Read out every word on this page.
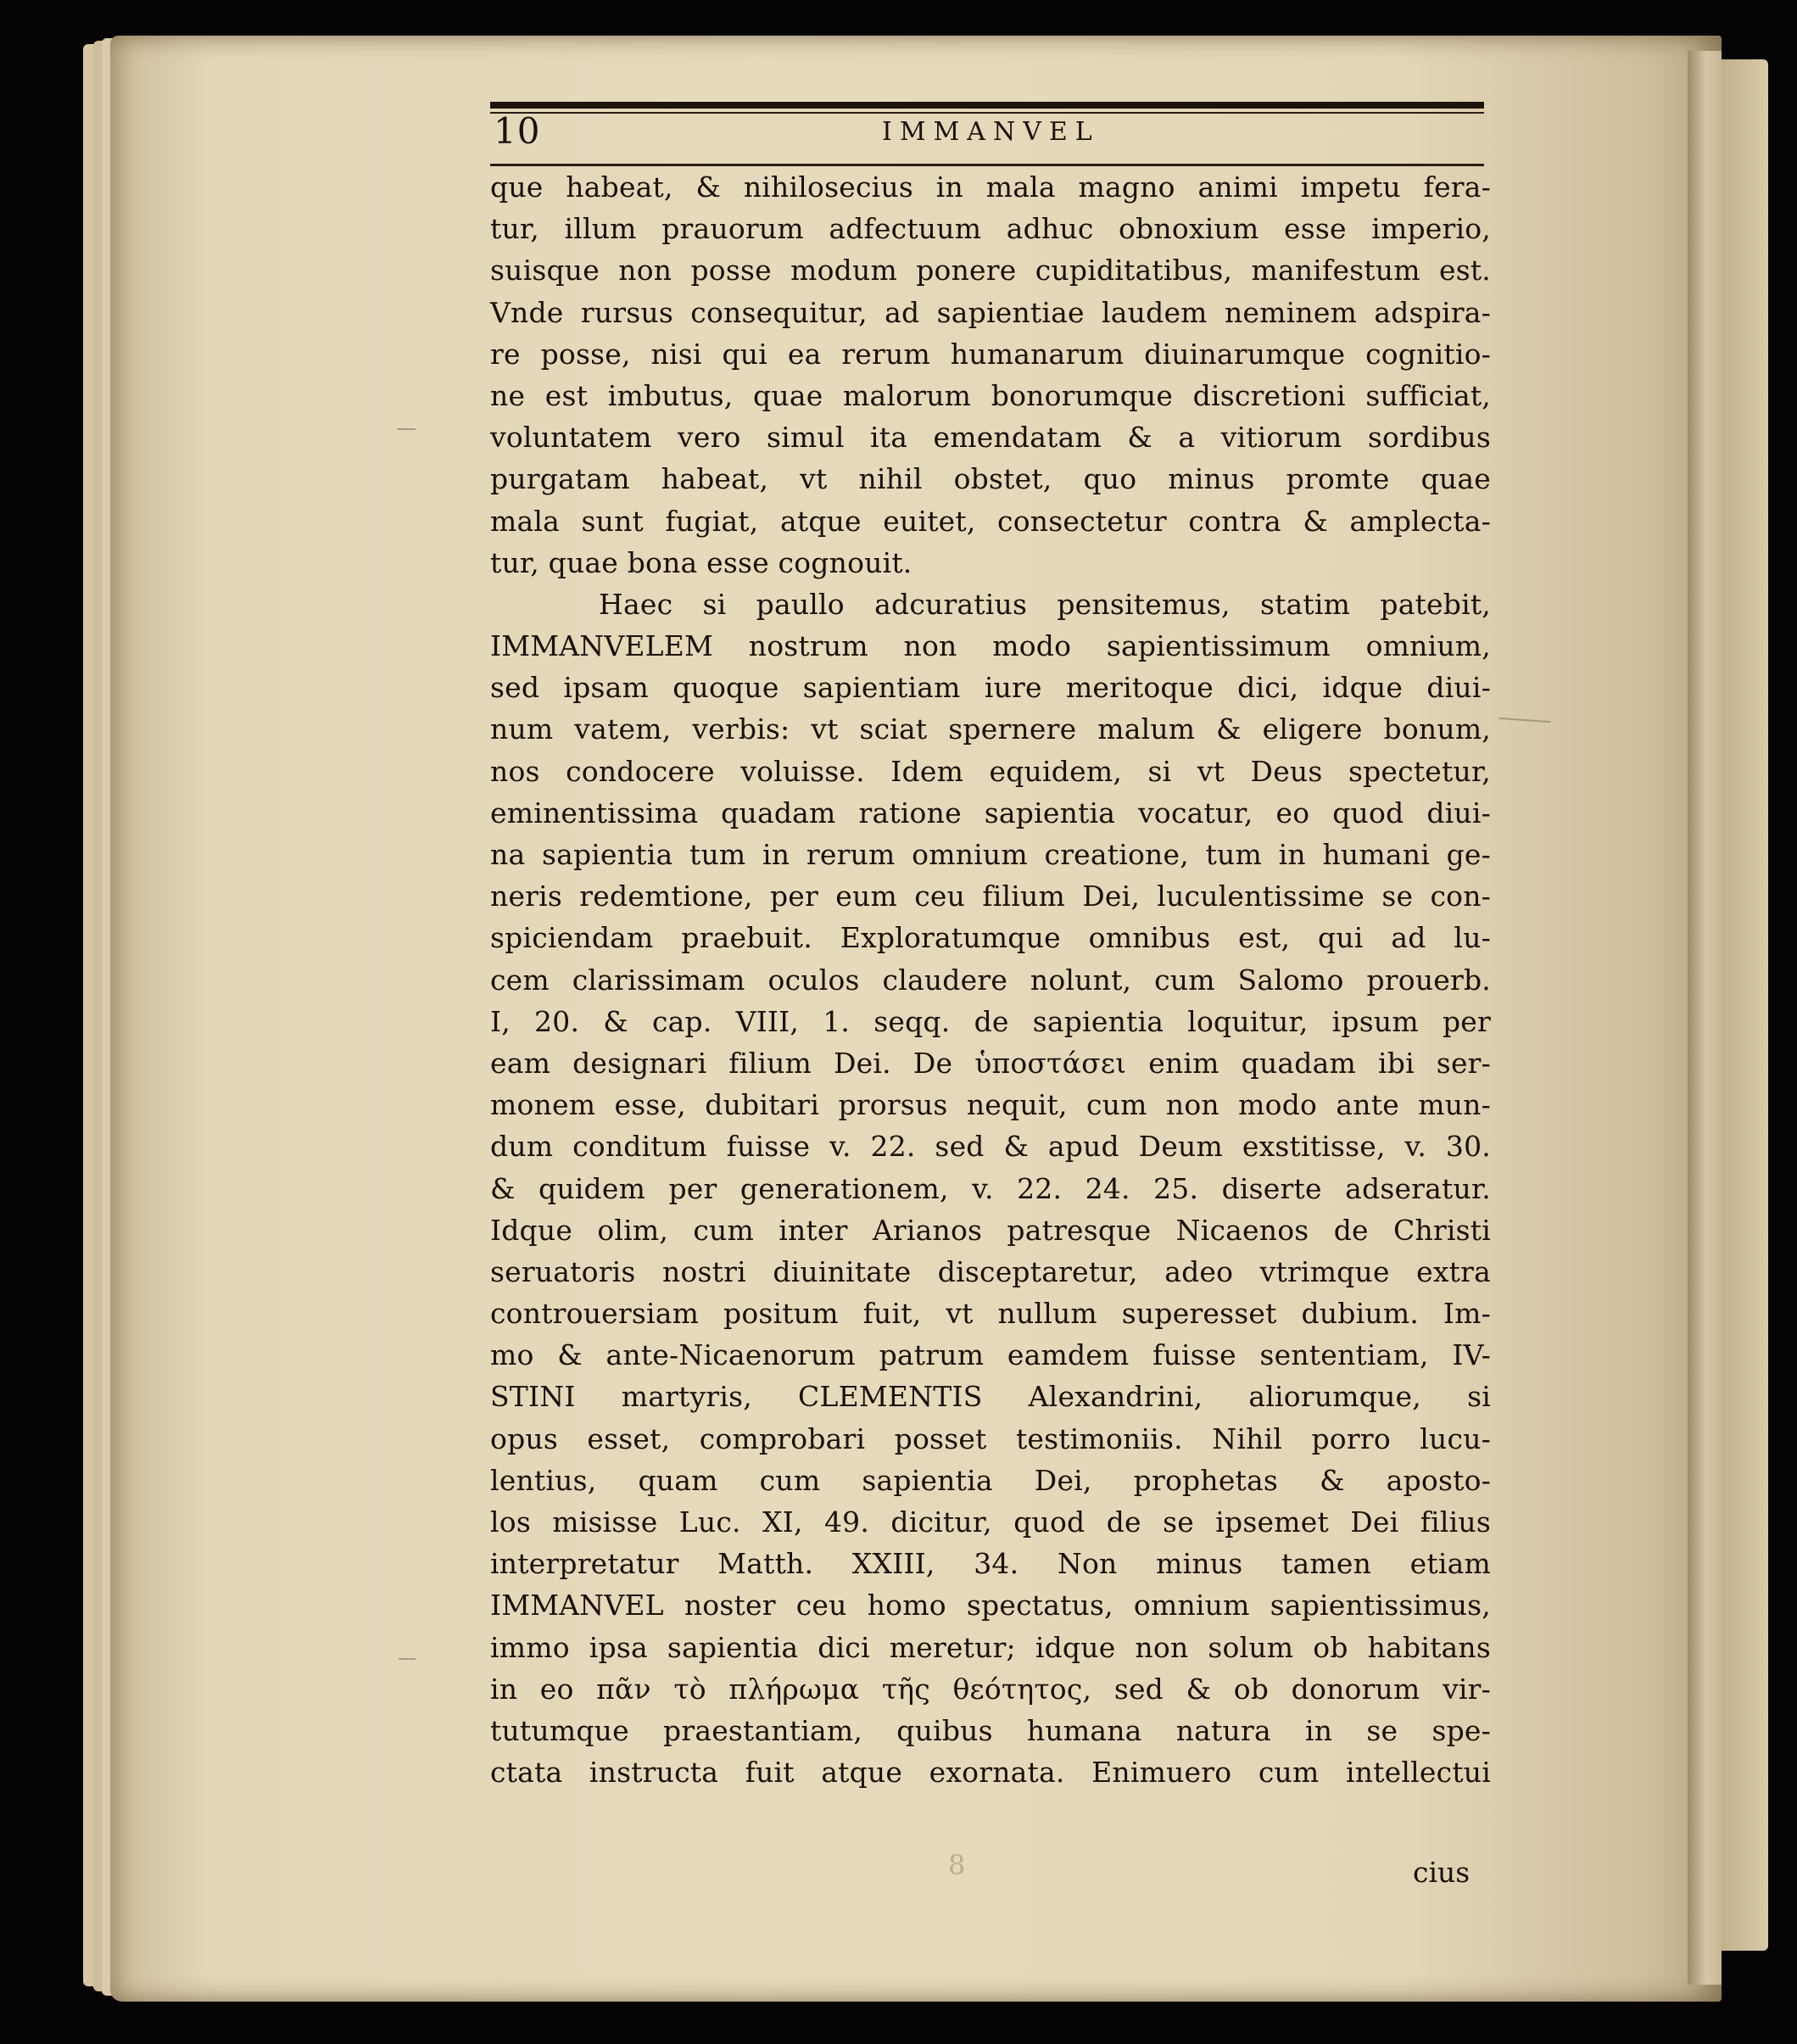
10	IMMANVEL
que habeat, & nihilosecius in mala magno animi impetu fera-
tur, illum prauorum adfectuum adhuc obnoxium esse imperio,
suisque non posse modum ponere cupiditatibus, manifestum est.
Vnde rursus consequitur, ad sapientiae laudem neminem adspira-
re posse, nisi qui ea rerum humanarum diuinarumque cognitio-
ne est imbutus, quae malorum bonorumque discretioni sufficiat,
voluntatem vero simul ita emendatam & a vitiorum sordibus
purgatam habeat, vt nihil obstet, quo minus promte quae
mala sunt fugiat, atque euitet, consectetur contra & amplecta-
tur, quae bona esse cognouit.
Haec si paullo adcuratius pensitemus, statim patebit,
IMMANVELEM nostrum non modo sapientissimum omnium,
sed ipsam quoque sapientiam iure meritoque dici, idque diui-
num vatem, verbis: vt sciat spernere malum & eligere bonum,
nos condocere voluisse. Idem equidem, si vt Deus spectetur,
eminentissima quadam ratione sapientia vocatur, eo quod diui-
na sapientia tum in rerum omnium creatione, tum in humani ge-
neris redemtione, per eum ceu filium Dei, luculentissime se con-
spiciendam praebuit. Exploratumque omnibus est, qui ad lu-
cem clarissimam oculos claudere nolunt, cum Salomo prouerb.
I, 20. & cap. VIII, 1. seqq. de sapientia loquitur, ipsum per
eam designari filium Dei. De ὑποστάσει enim quadam ibi ser-
monem esse, dubitari prorsus nequit, cum non modo ante mun-
dum conditum fuisse v. 22. sed & apud Deum exstitisse, v. 30.
& quidem per generationem, v. 22. 24. 25. diserte adseratur.
Idque olim, cum inter Arianos patresque Nicaenos de Christi
seruatoris nostri diuinitate disceptaretur, adeo vtrimque extra
controuersiam positum fuit, vt nullum superesset dubium. Im-
mo & ante-Nicaenorum patrum eamdem fuisse sententiam, IV-
STINI martyris, CLEMENTIS Alexandrini, aliorumque, si
opus esset, comprobari posset testimoniis. Nihil porro lucu-
lentius, quam cum sapientia Dei, prophetas & aposto-
los misisse Luc. XI, 49. dicitur, quod de se ipsemet Dei filius
interpretatur Matth. XXIII, 34. Non minus tamen etiam
IMMANVEL noster ceu homo spectatus, omnium sapientissimus,
immo ipsa sapientia dici meretur; idque non solum ob habitans
in eo πᾶν τὸ πλήρωμα τῆς θεότητος, sed & ob donorum vir-
tutumque praestantiam, quibus humana natura in se spe-
ctata instructa fuit atque exornata. Enimuero cum intellectui
8	cius
